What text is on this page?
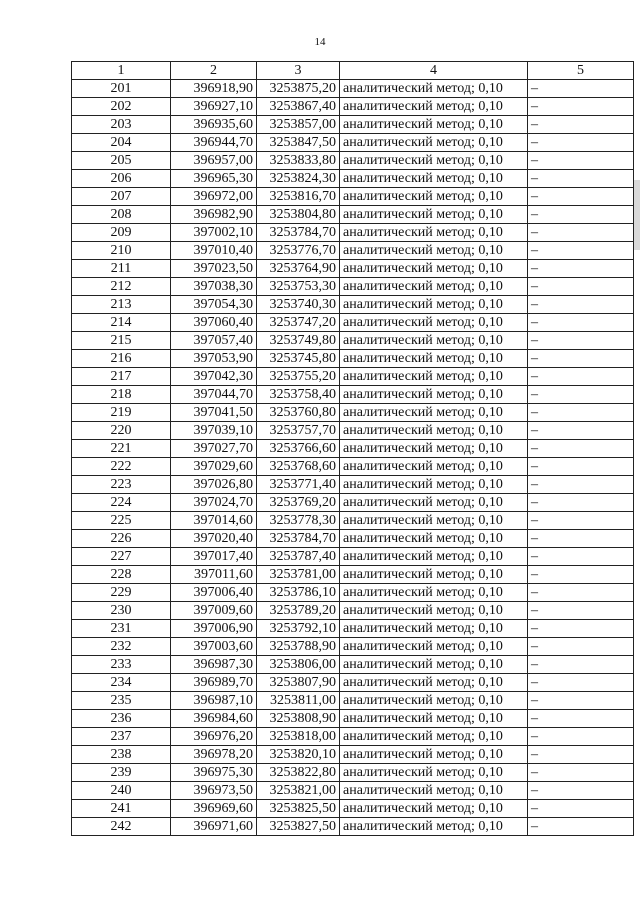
14
1	2	3	4	5
201	396918,90	3253875,20	аналитический метод; 0,10	–
202	396927,10	3253867,40	аналитический метод; 0,10	–
203	396935,60	3253857,00	аналитический метод; 0,10	–
204	396944,70	3253847,50	аналитический метод; 0,10	–
205	396957,00	3253833,80	аналитический метод; 0,10	–
206	396965,30	3253824,30	аналитический метод; 0,10	–
207	396972,00	3253816,70	аналитический метод; 0,10	–
208	396982,90	3253804,80	аналитический метод; 0,10	–
209	397002,10	3253784,70	аналитический метод; 0,10	–
210	397010,40	3253776,70	аналитический метод; 0,10	–
211	397023,50	3253764,90	аналитический метод; 0,10	–
212	397038,30	3253753,30	аналитический метод; 0,10	–
213	397054,30	3253740,30	аналитический метод; 0,10	–
214	397060,40	3253747,20	аналитический метод; 0,10	–
215	397057,40	3253749,80	аналитический метод; 0,10	–
216	397053,90	3253745,80	аналитический метод; 0,10	–
217	397042,30	3253755,20	аналитический метод; 0,10	–
218	397044,70	3253758,40	аналитический метод; 0,10	–
219	397041,50	3253760,80	аналитический метод; 0,10	–
220	397039,10	3253757,70	аналитический метод; 0,10	–
221	397027,70	3253766,60	аналитический метод; 0,10	–
222	397029,60	3253768,60	аналитический метод; 0,10	–
223	397026,80	3253771,40	аналитический метод; 0,10	–
224	397024,70	3253769,20	аналитический метод; 0,10	–
225	397014,60	3253778,30	аналитический метод; 0,10	–
226	397020,40	3253784,70	аналитический метод; 0,10	–
227	397017,40	3253787,40	аналитический метод; 0,10	–
228	397011,60	3253781,00	аналитический метод; 0,10	–
229	397006,40	3253786,10	аналитический метод; 0,10	–
230	397009,60	3253789,20	аналитический метод; 0,10	–
231	397006,90	3253792,10	аналитический метод; 0,10	–
232	397003,60	3253788,90	аналитический метод; 0,10	–
233	396987,30	3253806,00	аналитический метод; 0,10	–
234	396989,70	3253807,90	аналитический метод; 0,10	–
235	396987,10	3253811,00	аналитический метод; 0,10	–
236	396984,60	3253808,90	аналитический метод; 0,10	–
237	396976,20	3253818,00	аналитический метод; 0,10	–
238	396978,20	3253820,10	аналитический метод; 0,10	–
239	396975,30	3253822,80	аналитический метод; 0,10	–
240	396973,50	3253821,00	аналитический метод; 0,10	–
241	396969,60	3253825,50	аналитический метод; 0,10	–
242	396971,60	3253827,50	аналитический метод; 0,10	–
